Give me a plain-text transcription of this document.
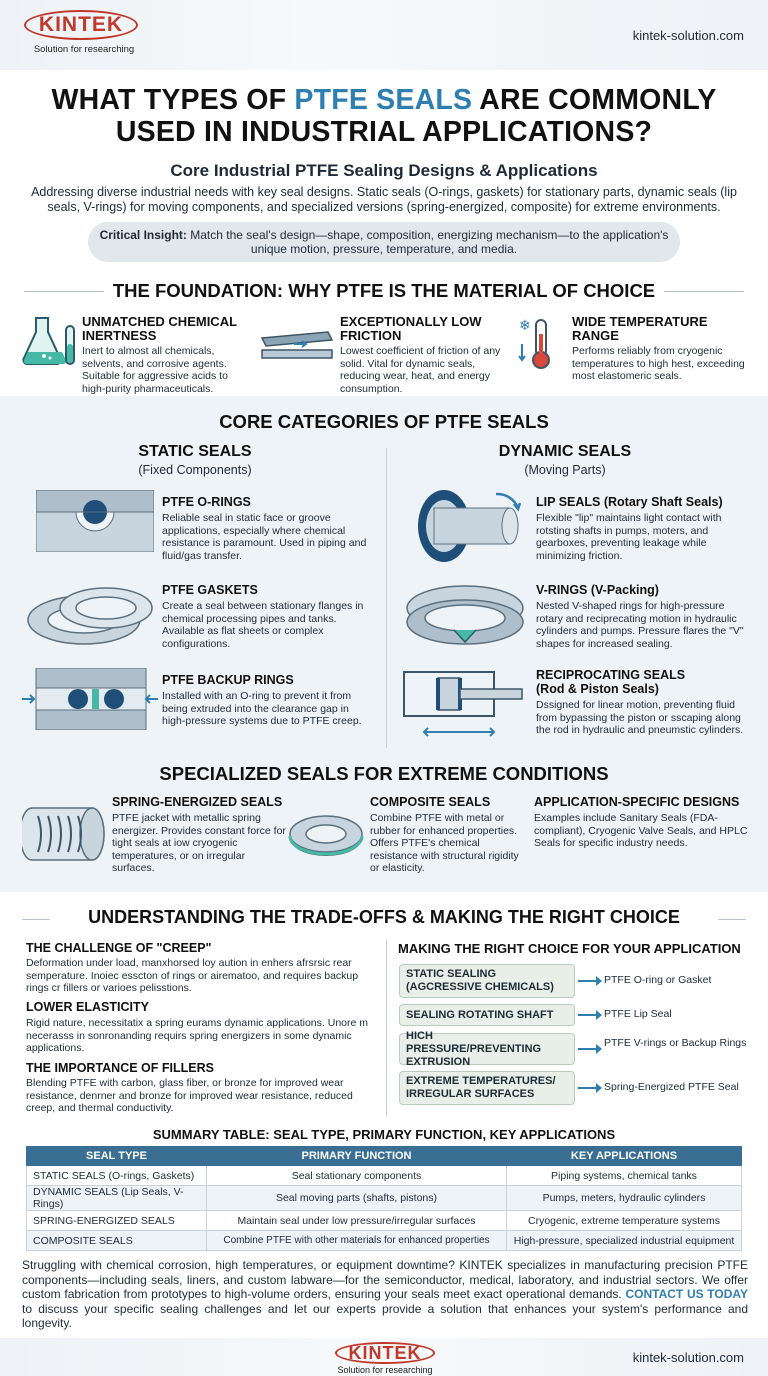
KINTEK
Solution for researching
kintek-solution.com
WHAT TYPES OF PTFE SEALS ARE COMMONLY USED IN INDUSTRIAL APPLICATIONS?
Core Industrial PTFE Sealing Designs & Applications
Addressing diverse industrial needs with key seal designs. Static seals (O-rings, gaskets) for stationary parts, dynamic seals (lip seals, V-rings) for moving components, and specialized versions (spring-energized, composite) for extreme environments.
Critical Insight: Match the seal's design—shape, composition, energizing mechanism—to the application's unique motion, pressure, temperature, and media.
THE FOUNDATION: WHY PTFE IS THE MATERIAL OF CHOICE
UNMATCHED CHEMICAL INERTNESS
Inert to almost all chemicals, selvents, and corrosive agents. Suitable for aggressive acids to high-purity pharmaceuticals.
EXCEPTIONALLY LOW FRICTION
Lowest coefficient of friction of any solid. Vital for dynamic seals, reducing wear, heat, and energy consumption.
❄	WIDE TEMPERATURE RANGE
Performs reliably from cryogenic temperatures to high hest, exceeding most elastomeric seals.
CORE CATEGORIES OF PTFE SEALS
STATIC SEALS
(Fixed Components)
DYNAMIC SEALS
(Moving Parts)
PTFE O-RINGS
Reliable seal in static face or groove applications, especially where chemical resistance is paramount. Used in piping and fluid/gas transfer.
PTFE GASKETS
Create a seal between stationary flanges in chemical processing pipes and tanks. Available as flat sheets or complex configurations.
PTFE BACKUP RINGS
Installed with an O-ring to prevent it from being extruded into the clearance gap in high-pressure systems due to PTFE creep.
LIP SEALS (Rotary Shaft Seals)
Flexible "lip" maintains light contact with rotsting shafts in pumps, moters, and gearboxes, preventing leakage while minimizing friction.
V-RINGS (V-Packing)
Nested V-shaped rings for high-pressure rotary and reciprecating motion in hydraulic cylinders and pumps. Pressure flares the "V" shapes for increased sealing.
RECIPROCATING SEALS
(Rod & Piston Seals)
Dssigned for linear motion, preventing fluid from bypassing the piston or sscaping along the rod in hydraulic and pneumstic cylinders.
SPECIALIZED SEALS FOR EXTREME CONDITIONS
SPRING-ENERGIZED SEALS
PTFE jacket with metallic spring energizer. Provides constant force for tight seals at iow cryogenic temperatures, or on irregular surfaces.
COMPOSITE SEALS
Combine PTFE with metal or rubber for enhanced properties. Offers PTFE's chemical resistance with structural rigidity or elasticity.
APPLICATION-SPECIFIC DESIGNS
Examples include Sanitary Seals (FDA-compliant), Cryogenic Valve Seals, and HPLC Seals for specific industry needs.
UNDERSTANDING THE TRADE-OFFS & MAKING THE RIGHT CHOICE
THE CHALLENGE OF "CREEP"
Deformation under load, manxhorsed loy aution in enhers afrsrsic rear semperature. Inoiec esscton of rings or airematoo, and requires backup rings cr fillers or varioes pelisstions.
LOWER ELASTICITY
Rigid nature, necessitatix a spring eurams dynamic applications. Unore m necerasss in sonronanding requirs spring energizers in some dynamic applications.
THE IMPORTANCE OF FILLERS
Blending PTFE with carbon, glass fiber, or bronze for improved wear resistance, denrner and bronze for improved wear resistance, reduced creep, and thermal conductivity.
MAKING THE RIGHT CHOICE FOR YOUR APPLICATION
STATIC SEALING (AGCRESSIVE CHEMICALS)
PTFE O-ring or Gasket
SEALING ROTATING SHAFT	PTFE Lip Seal
HICH PRESSURE/PREVENTING EXTRUSION
PTFE V-rings or Backup Rings
EXTREME TEMPERATURES/ IRREGULAR SURFACES
Spring-Energized PTFE Seal
SUMMARY TABLE: SEAL TYPE, PRIMARY FUNCTION, KEY APPLICATIONS
SEAL TYPE	PRIMARY FUNCTION	KEY APPLICATIONS
STATIC SEALS (O-rings, Gaskets)	Seal stationary components	Piping systems, chemical tanks
DYNAMIC SEALS (Lip Seals, V-Rings)	Seal moving parts (shafts, pistons)	Pumps, meters, hydraulic cylinders
SPRING-ENERGIZED SEALS	Maintain seal under low pressure/irregular surfaces	Cryogenic, extreme temperature systems
COMPOSITE SEALS	Combine PTFE with other materials for enhanced properties	High-pressure, specialized industrial equipment
Struggling with chemical corrosion, high temperatures, or equipment downtime? KINTEK specializes in manufacturing precision PTFE components—including seals, liners, and custom labware—for the semiconductor, medical, laboratory, and industrial sectors. We offer custom fabrication from prototypes to high-volume orders, ensuring your seals meet exact operational demands. CONTACT US TODAY to discuss your specific sealing challenges and let our experts provide a solution that enhances your system's performance and longevity.
KINTEK
Solution for researching
kintek-solution.com
